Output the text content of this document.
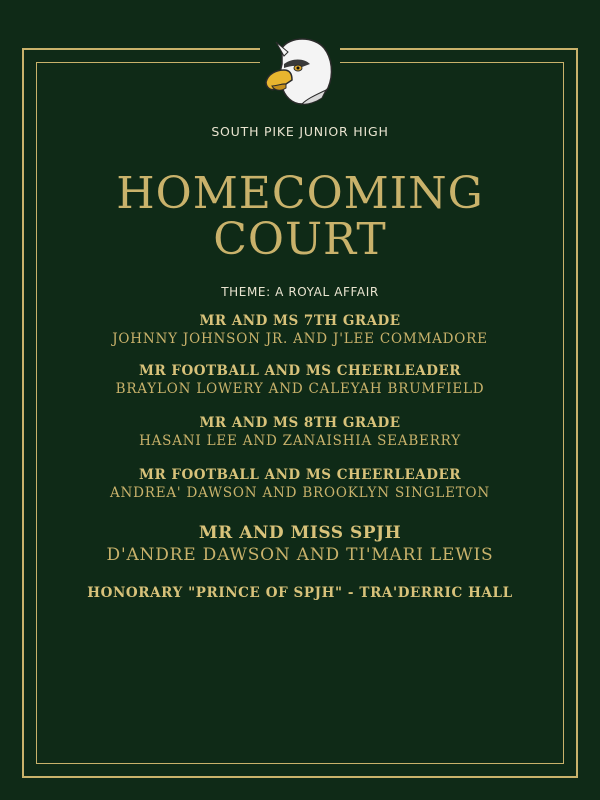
SOUTH PIKE JUNIOR HIGH
HOMECOMING
COURT
THEME: A ROYAL AFFAIR
MR AND MS 7TH GRADE
JOHNNY JOHNSON JR. AND J'LEE COMMADORE
MR FOOTBALL AND MS CHEERLEADER
BRAYLON LOWERY AND CALEYAH BRUMFIELD
MR AND MS 8TH GRADE
HASANI LEE AND ZANAISHIA SEABERRY
MR FOOTBALL AND MS CHEERLEADER
ANDREA' DAWSON AND BROOKLYN SINGLETON
MR AND MISS SPJH
D'ANDRE DAWSON AND TI'MARI LEWIS
HONORARY "PRINCE OF SPJH" - TRA'DERRIC HALL
